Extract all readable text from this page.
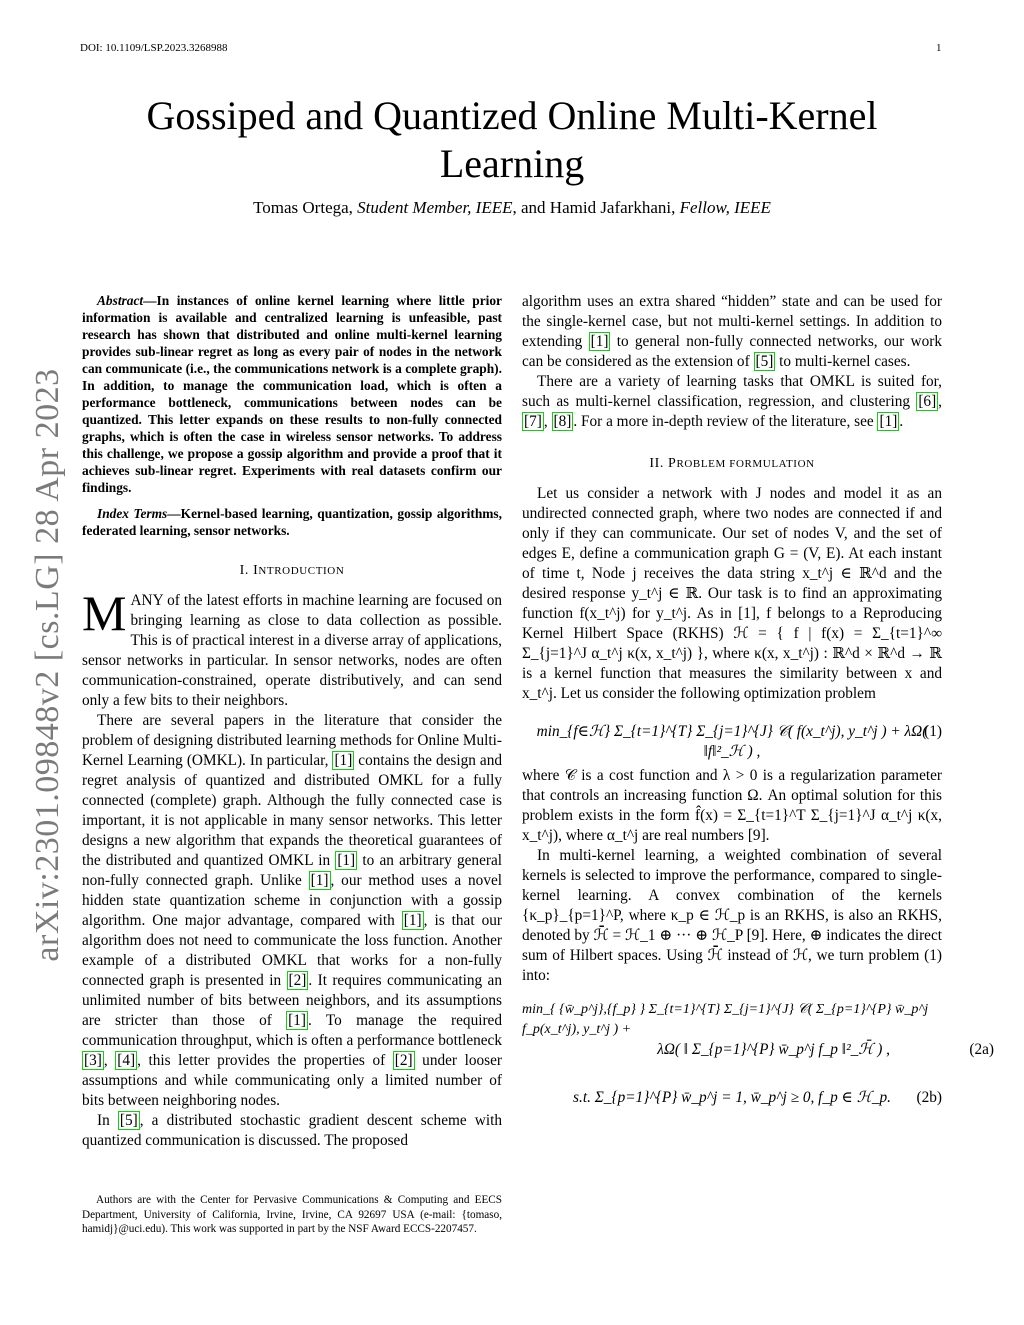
DOI: 10.1109/LSP.2023.3268988	1
arXiv:2301.09848v2 [cs.LG] 28 Apr 2023
Gossiped and Quantized Online Multi-Kernel Learning
Tomas Ortega, Student Member, IEEE, and Hamid Jafarkhani, Fellow, IEEE
Abstract—In instances of online kernel learning where little prior information is available and centralized learning is unfeasible, past research has shown that distributed and online multi-kernel learning provides sub-linear regret as long as every pair of nodes in the network can communicate (i.e., the communications network is a complete graph). In addition, to manage the communication load, which is often a performance bottleneck, communications between nodes can be quantized. This letter expands on these results to non-fully connected graphs, which is often the case in wireless sensor networks. To address this challenge, we propose a gossip algorithm and provide a proof that it achieves sub-linear regret. Experiments with real datasets confirm our findings.
Index Terms—Kernel-based learning, quantization, gossip algorithms, federated learning, sensor networks.
I. INTRODUCTION

MANY of the latest efforts in machine learning are focused on bringing learning as close to data collection as possible. This is of practical interest in a diverse array of applications, sensor networks in particular. In sensor networks, nodes are often communication-constrained, operate distributively, and can send only a few bits to their neighbors.

There are several papers in the literature that consider the problem of designing distributed learning methods for Online Multi-Kernel Learning (OMKL). In particular, [1] contains the design and regret analysis of quantized and distributed OMKL for a fully connected (complete) graph. Although the fully connected case is important, it is not applicable in many sensor networks. This letter designs a new algorithm that expands the theoretical guarantees of the distributed and quantized OMKL in [1] to an arbitrary general non-fully connected graph. Unlike [1] , our method uses a novel hidden state quantization scheme in conjunction with a gossip algorithm. One major advantage, compared with [1] , is that our algorithm does not need to communicate the loss function. Another example of a distributed OMKL that works for a non-fully connected graph is presented in [2] . It requires communicating an unlimited number of bits between neighbors, and its assumptions are stricter than those of [1] . To manage the required communication throughput, which is often a performance bottleneck [3] , [4] , this letter provides the properties of [2] under looser assumptions and while communicating only a limited number of bits between neighboring nodes.

In [5] , a distributed stochastic gradient descent scheme with quantized communication is discussed. The proposed

Authors are with the Center for Pervasive Communications & Computing and EECS Department, University of California, Irvine, Irvine, CA 92697 USA (e-mail: {tomaso, hamidj}@uci.edu). This work was supported in part by the NSF Award ECCS-2207457.

algorithm uses an extra shared “hidden” state and can be used for the single-kernel case, but not multi-kernel settings. In addition to extending [1] to general non-fully connected networks, our work can be considered as the extension of [5] to multi-kernel cases.

There are a variety of learning tasks that OMKL is suited for, such as multi-kernel classification, regression, and clustering [6] , [7] , [8] . For a more in-depth review of the literature, see [1] .

II. PROBLEM FORMULATION

Let us consider a network with J nodes and model it as an undirected connected graph, where two nodes are connected if and only if they can communicate. Our set of nodes V, and the set of edges E, define a communication graph G = (V, E). At each instant of time t, Node j receives the data string x_t^j ∈ ℝ^d and the desired response y_t^j ∈ ℝ. Our task is to find an approximating function f(x_t^j) for y_t^j. As in [1], f belongs to a Reproducing Kernel Hilbert Space (RKHS) ℋ = { f | f(x) = Σ_{t=1}^∞ Σ_{j=1}^J α_t^j κ(x, x_t^j) }, where κ(x, x_t^j) : ℝ^d × ℝ^d → ℝ is a kernel function that measures the similarity between x and x_t^j. Let us consider the following optimization problem

min_{f∈ℋ} Σ_{t=1}^{T} Σ_{j=1}^{J} 𝒞( f(x_t^j), y_t^j ) + λΩ( ‖f‖²_ℋ ) ,
(1)

where 𝒞 is a cost function and λ > 0 is a regularization parameter that controls an increasing function Ω. An optimal solution for this problem exists in the form f̂(x) = Σ_{t=1}^T Σ_{j=1}^J α_t^j κ(x, x_t^j), where α_t^j are real numbers [9].

In multi-kernel learning, a weighted combination of several kernels is selected to improve the performance, compared to single-kernel learning. A convex combination of the kernels {κ_p}_{p=1}^P, where κ_p ∈ ℋ_p is an RKHS, is also an RKHS, denoted by ℋ̄ = ℋ_1 ⊕ ··· ⊕ ℋ_P [9]. Here, ⊕ indicates the direct sum of Hilbert spaces. Using ℋ̄ instead of ℋ, we turn problem (1) into:

min_{ {w̄_p^j},{f_p} } Σ_{t=1}^{T} Σ_{j=1}^{J} 𝒞( Σ_{p=1}^{P} w̄_p^j f_p(x_t^j), y_t^j ) +
λΩ( ‖ Σ_{p=1}^{P} w̄_p^j f_p ‖²_ℋ̄ ) ,	(2a)
s.t. Σ_{p=1}^{P} w̄_p^j = 1, w̄_p^j ≥ 0, f_p ∈ ℋ_p. (2b)
